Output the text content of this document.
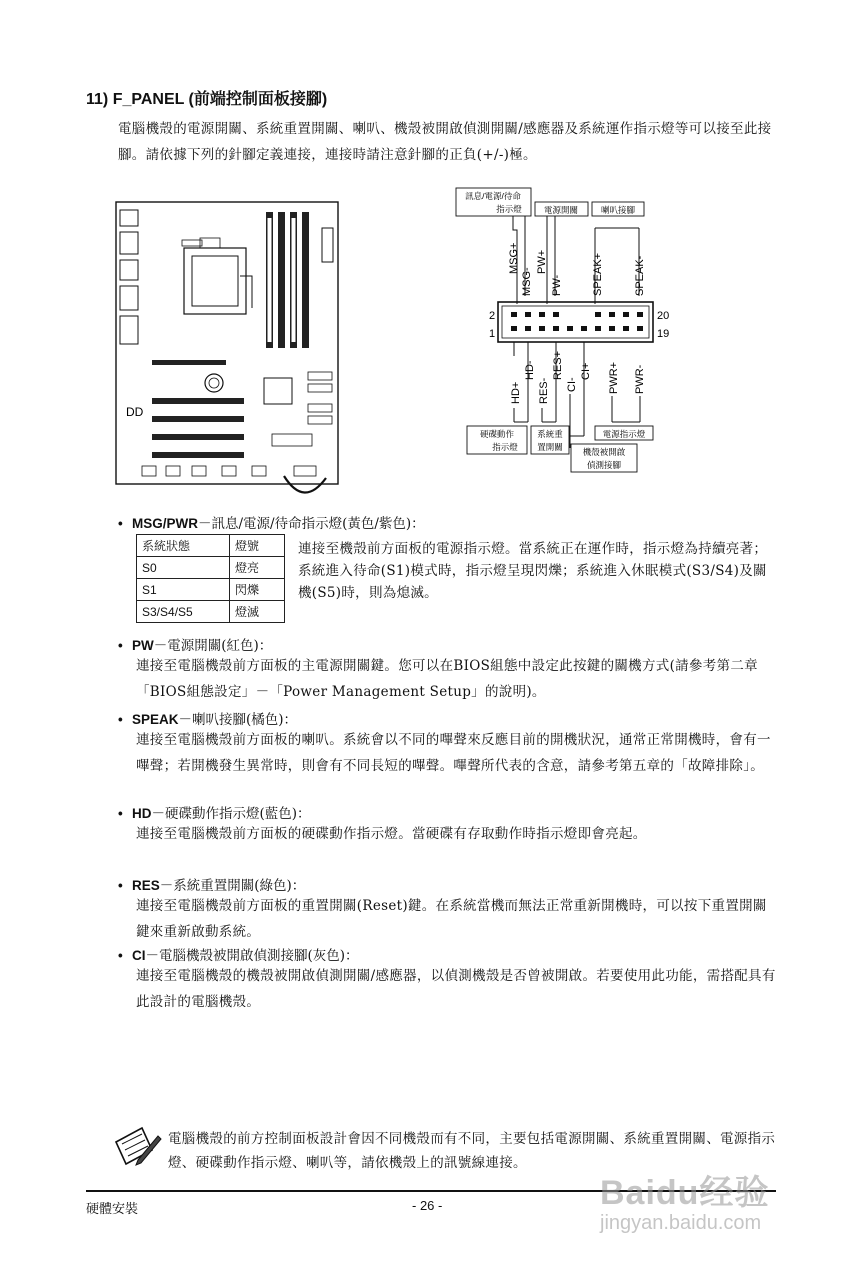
11) F_PANEL (前端控制面板接腳)
電腦機殼的電源開關、系統重置開關、喇叭、機殼被開啟偵測開關/感應器及系統運作指示燈等可以接至此接腳。請依據下列的針腳定義連接，連接時請注意針腳的正負(+/-)極。
DD
訊息/電源/待命
指示燈	電源開關	喇叭接腳
MSG+
MSG-
PW+
PW-	SPEAK+	SPEAK-
2
1
20
19
HD+
HD-
RES-
RES+
CI-
CI+ PWR+ PWR-
硬碟動作
指示燈
系統重
置開關 機殼被開啟
偵測接腳
電源指示燈
• MSG/PWR－訊息/電源/待命指示燈(黃色/紫色)：
系統狀態	燈號
S0	燈亮
S1	閃爍
S3/S4/S5	燈滅
連接至機殼前方面板的電源指示燈。當系統正在運作時，指示燈為持續亮著；系統進入待命(S1)模式時，指示燈呈現閃爍；系統進入休眠模式(S3/S4)及關機(S5)時，則為熄滅。
• PW－電源開關(紅色)：
連接至電腦機殼前方面板的主電源開關鍵。您可以在BIOS組態中設定此按鍵的關機方式(請參考第二章「BIOS組態設定」－「Power Management Setup」的說明)。
• SPEAK－喇叭接腳(橘色)：
連接至電腦機殼前方面板的喇叭。系統會以不同的嗶聲來反應目前的開機狀況，通常正常開機時，會有一嗶聲；若開機發生異常時，則會有不同長短的嗶聲。嗶聲所代表的含意，請參考第五章的「故障排除」。
• HD－硬碟動作指示燈(藍色)：
連接至電腦機殼前方面板的硬碟動作指示燈。當硬碟有存取動作時指示燈即會亮起。
• RES－系統重置開關(綠色)：
連接至電腦機殼前方面板的重置開關(Reset)鍵。在系統當機而無法正常重新開機時，可以按下重置開關鍵來重新啟動系統。
• CI－電腦機殼被開啟偵測接腳(灰色)：
連接至電腦機殼的機殼被開啟偵測開關/感應器，以偵測機殼是否曾被開啟。若要使用此功能，需搭配具有此設計的電腦機殼。
電腦機殼的前方控制面板設計會因不同機殼而有不同，主要包括電源開關、系統重置開關、電源指示燈、硬碟動作指示燈、喇叭等，請依機殼上的訊號線連接。
硬體安裝	- 26 -	Baidu经验
jingyan.baidu.com
